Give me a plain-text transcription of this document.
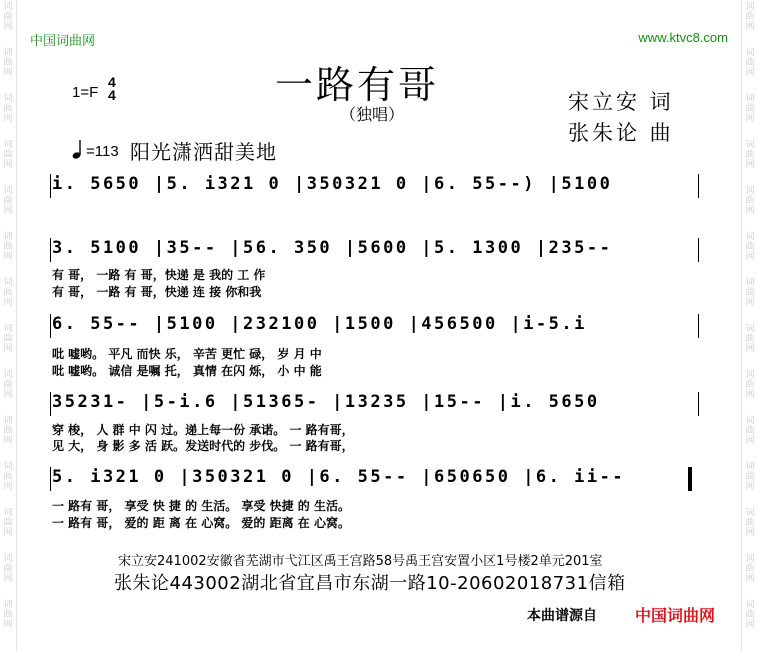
词
曲
网
词
曲
网
词
曲
网
词
曲
网
词
曲
网
词
曲
网
词
曲
网
词
曲
网
词
曲
网
词
曲
网
词
曲
网
词
曲
网
词
曲
网
词
曲
网
词
曲
网
词
曲
网
词
曲
网
词
曲
网
词
曲
网
词
曲
网
词
曲
网
词
曲
网
词
曲
网
词
曲
网
词
曲
网
词
曲
网
词
曲
网
词
曲
网
中国词曲网	www.ktvc8.com
1=F
4
4	一路有哥
（独唱）
宋立安 词
张朱论 曲
=113 阳光潇洒甜美地
i. 5650 |5. i321 0 |350321 0 |6. 55--) |5100
3. 5100 |35-- |56. 350 |5600 |5. 1300 |235--
有 哥， 一路 有 哥，快递 是 我的 工 作
有 哥， 一路 有 哥，快递 连 接 你和我
6. 55-- |5100 |232100 |1500 |456500 |i-5.i
吡 嘘哟。 平凡 而快 乐， 辛苦 更忙 碌， 岁 月 中
吡 嘘哟。 诚信 是嘱 托， 真情 在闪 烁， 小 中 能
35231- |5-i.6 |51365- |13235 |15-- |i. 5650
穿 梭， 人 群 中 闪 过。递上每一份 承诺。 一 路有哥，
见 大， 身 影 多 活 跃。发送时代的 步伐。 一 路有哥，
5. i321 0 |350321 0 |6. 55-- |650650 |6. ii--
一 路有 哥， 享受 快 捷 的 生活。 享受 快捷 的 生活。
一 路有 哥， 爱的 距 离 在 心窝。 爱的 距离 在 心窝。
宋立安241002安徽省芜湖市弋江区禹王宫路58号禹王宫安置小区1号楼2单元201室
张朱论443002湖北省宜昌市东湖一路10-20602018731信箱
本曲谱源自 中国词曲网
